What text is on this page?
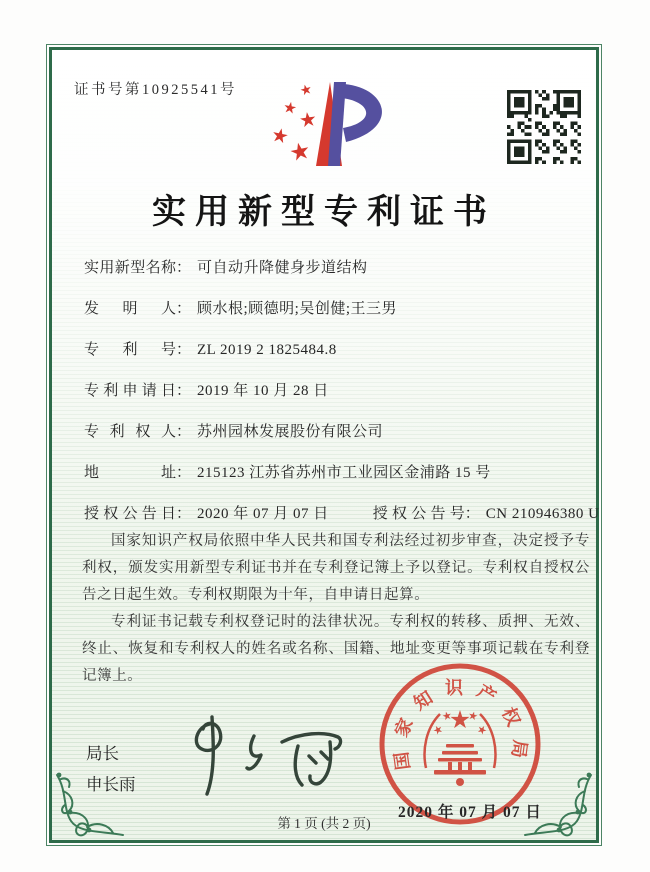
证书号第10925541号
实用新型专利证书
实用新型名称： 可自动升降健身步道结构
发明人： 顾水根;顾德明;吴创健;王三男
专利号： ZL 2019 2 1825484.8
专利申请日： 2019 年 10 月 28 日
专利权人： 苏州园林发展股份有限公司
地址： 215123 江苏省苏州市工业园区金浦路 15 号
授权公告日： 2020 年 07 月 07 日	授权公告号： CN 210946380 U

国家知识产权局依照中华人民共和国专利法经过初步审查，决定授予专利权，颁发实用新型专利证书并在专利登记簿上予以登记。专利权自授权公告之日起生效。专利权期限为十年，自申请日起算。

专利证书记载专利权登记时的法律状况。专利权的转移、质押、无效、终止、恢复和专利权人的姓名或名称、国籍、地址变更等事项记载在专利登记簿上。

局长
申长雨
国家知识产权局
2020 年 07 月 07 日
第 1 页 (共 2 页)
